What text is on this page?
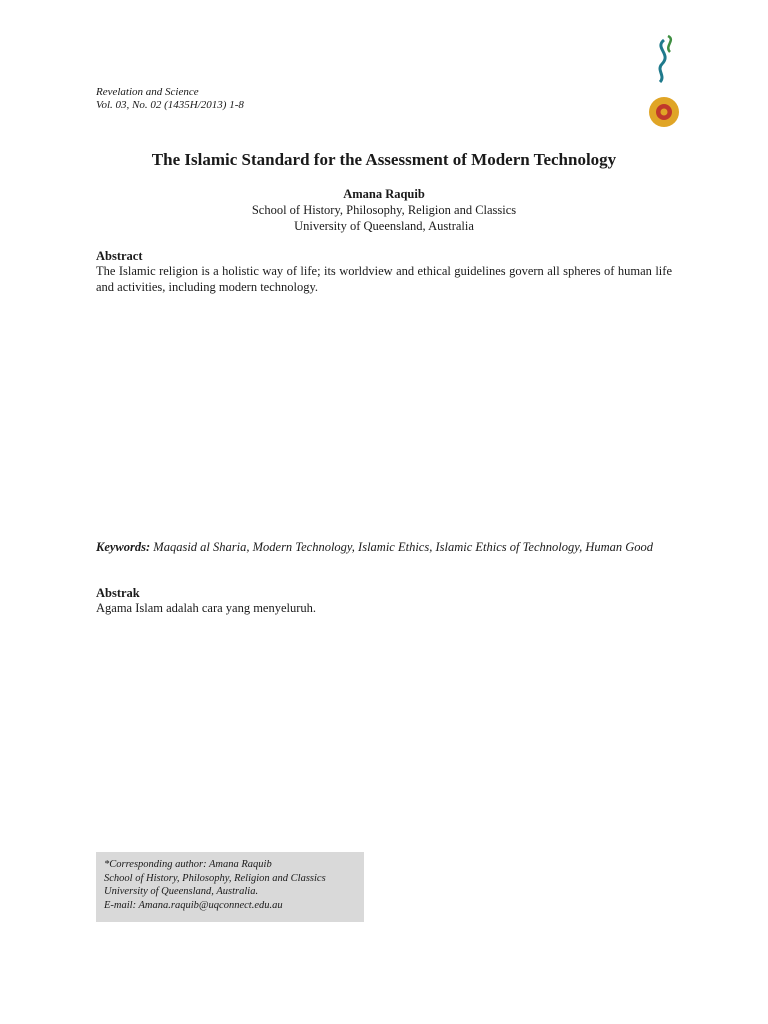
Revelation and Science
Vol. 03, No. 02 (1435H/2013) 1-8
The Islamic Standard for the Assessment of Modern Technology
Amana Raquib
School of History, Philosophy, Religion and Classics
University of Queensland, Australia
Abstract

The Islamic religion is a holistic way of life; its worldview and ethical guidelines govern all spheres of human life and activities, including modern technology.

Keywords: Maqasid al Sharia, Modern Technology, Islamic Ethics, Islamic Ethics of Technology, Human Good
Abstrak

Agama Islam adalah cara yang menyeluruh.

*Corresponding author: Amana Raquib
School of History, Philosophy, Religion and Classics
University of Queensland, Australia.
E-mail: Amana.raquib@uqconnect.edu.au
